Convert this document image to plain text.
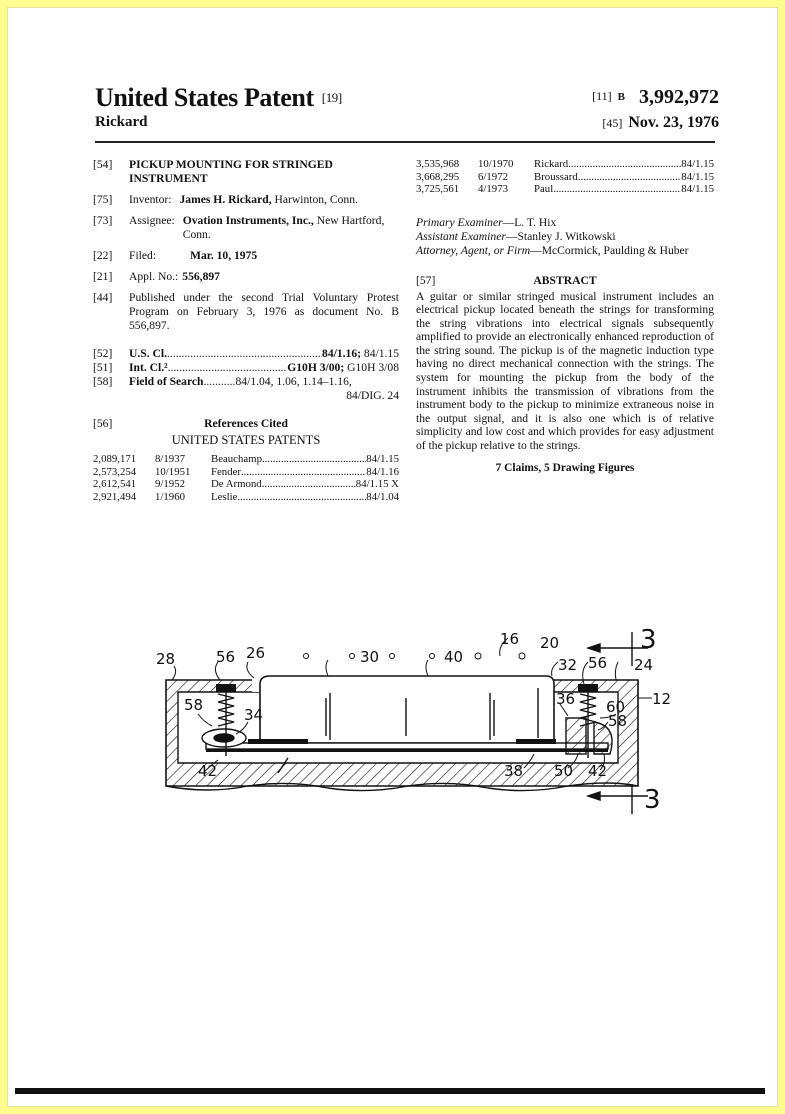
United States Patent [19]
Rickard
[11] B 3,992,972
[45] Nov. 23, 1976
[54]	PICKUP MOUNTING FOR STRINGED INSTRUMENT
[75]	Inventor: James H. Rickard, Harwinton, Conn.
[73]	Assignee: Ovation Instruments, Inc., New Hartford, Conn.
[22]	Filed:	Mar. 10, 1975
[21]	Appl. No.: 556,897
[44]	Published under the second Trial Voluntary Protest Program on February 3, 1976 as document No. B 556,897.
[52]	U.S. Cl. .....	84/1.16; 84/1.15
[51]	Int. Cl.² .....	G10H 3/00; G10H 3/08
[58]	Field of Search .....	84/1.04, 1.06, 1.14–1.16,
84/DIG. 24
[56]	References Cited
UNITED STATES PATENTS
2,089,171	8/1937	Beauchamp .....	84/1.15
2,573,254	10/1951	Fender .....	84/1.16
2,612,541	9/1952	De Armond .....	84/1.15 X
2,921,494	1/1960	Leslie .....	84/1.04
3,535,968	10/1970	Rickard .....	84/1.15
3,668,295	6/1972	Broussard .....	84/1.15
3,725,561	4/1973	Paul .....	84/1.15
Primary Examiner—L. T. Hix
Assistant Examiner—Stanley J. Witkowski
Attorney, Agent, or Firm—McCormick, Paulding & Huber
[57]	ABSTRACT
A guitar or similar stringed musical instrument includes an electrical pickup located beneath the strings for transforming the string vibrations into electrical signals subsequently amplified to provide an electronically enhanced reproduction of the string sound. The pickup is of the magnetic induction type having no direct mechanical connection with the strings. The system for mounting the pickup from the body of the instrument inhibits the transmission of vibrations from the instrument body to the pickup to minimize extraneous noise in the output signal, and it is also one which is of relative simplicity and low cost and which provides for easy adjustment of the pickup relative to the strings.
7 Claims, 5 Drawing Figures
28	56 26	30	40
16 20	3
32 56 24
12
58
34
36 60
58
42	38 50 42
3
